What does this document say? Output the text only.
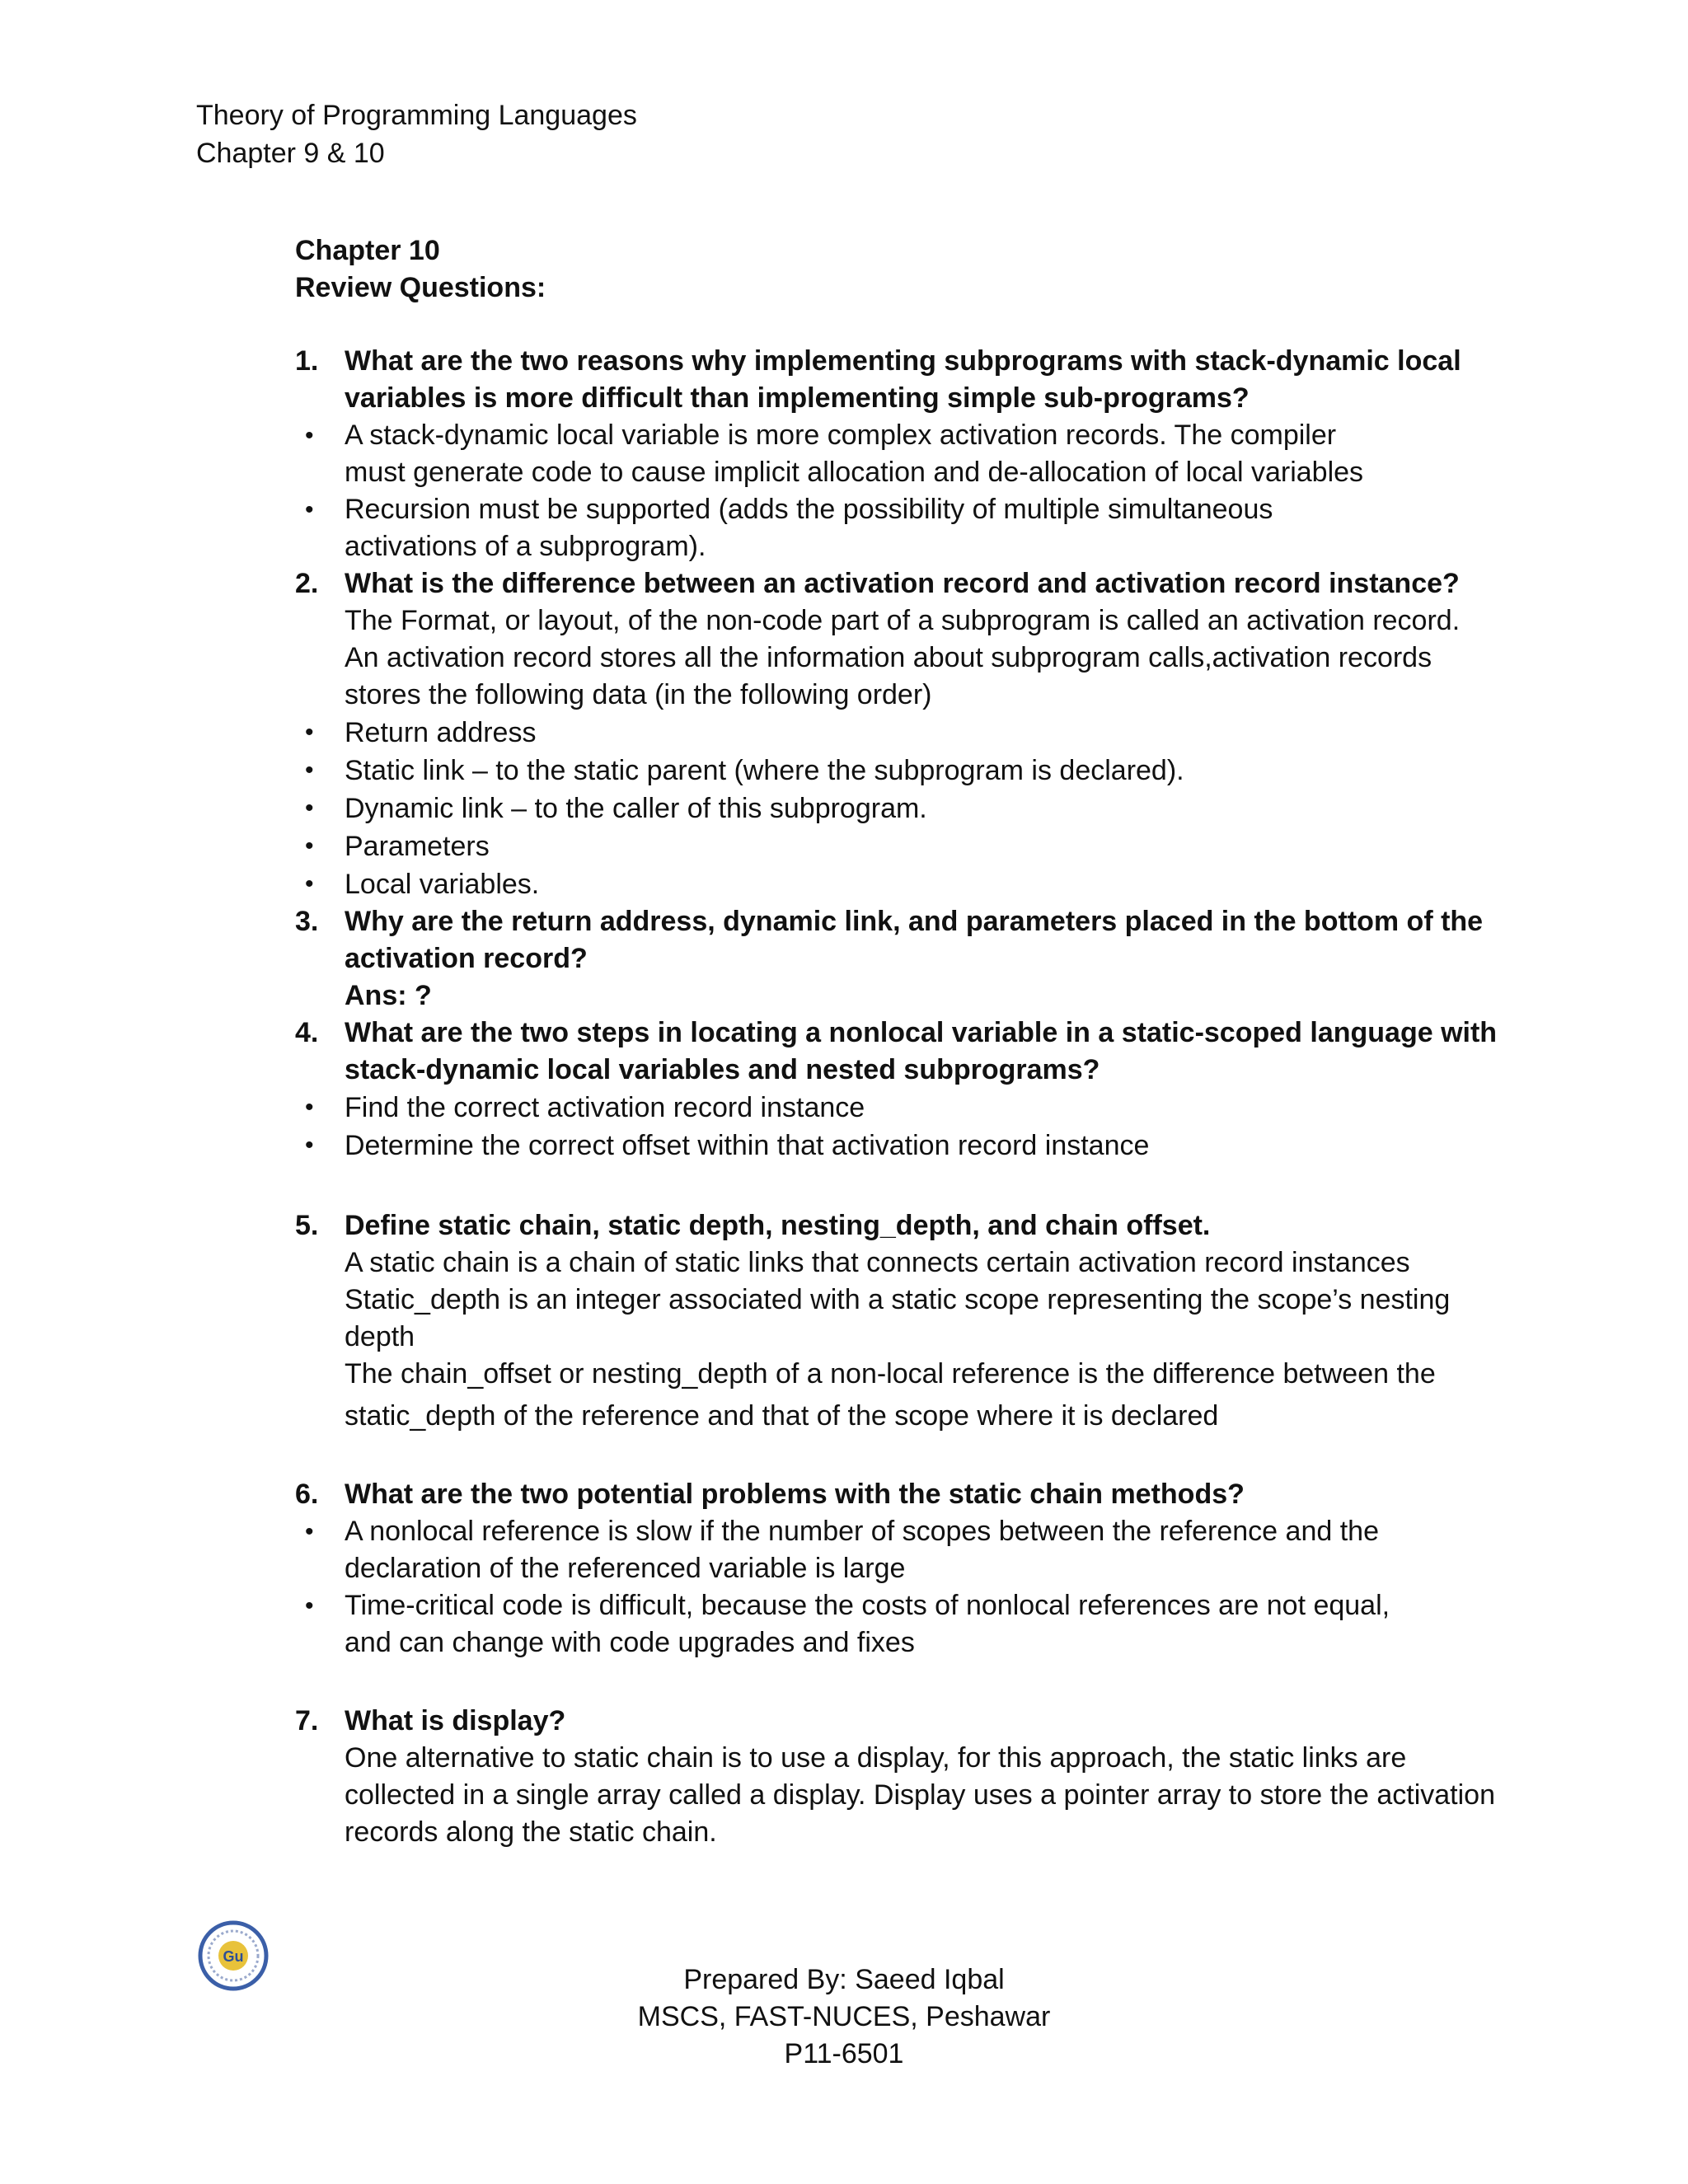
Theory of Programming Languages
Chapter 9 & 10
Chapter 10
Review Questions:
1. What are the two reasons why implementing subprograms with stack-dynamic local
variables is more difficult than implementing simple sub-programs?
• A stack-dynamic local variable is more complex activation records. The compiler
must generate code to cause implicit allocation and de-allocation of local variables
• Recursion must be supported (adds the possibility of multiple simultaneous
activations of a subprogram).
2. What is the difference between an activation record and activation record instance?
The Format, or layout, of the non-code part of a subprogram is called an activation record.
An activation record stores all the information about subprogram calls,activation records
stores the following data (in the following order)
• Return address
• Static link – to the static parent (where the subprogram is declared).
• Dynamic link – to the caller of this subprogram.
• Parameters
• Local variables.
3. Why are the return address, dynamic link, and parameters placed in the bottom of the
activation record?
Ans: ?
4. What are the two steps in locating a nonlocal variable in a static-scoped language with
stack-dynamic local variables and nested subprograms?
• Find the correct activation record instance
• Determine the correct offset within that activation record instance
5. Define static chain, static depth, nesting_depth, and chain offset.
A static chain is a chain of static links that connects certain activation record instances
Static_depth is an integer associated with a static scope representing the scope’s nesting
depth
The chain_offset or nesting_depth of a non-local reference is the difference between the
static_depth of the reference and that of the scope where it is declared
6. What are the two potential problems with the static chain methods?
• A nonlocal reference is slow if the number of scopes between the reference and the
declaration of the referenced variable is large
• Time-critical code is difficult, because the costs of nonlocal references are not equal,
and can change with code upgrades and fixes
7. What is display?
One alternative to static chain is to use a display, for this approach, the static links are
collected in a single array called a display. Display uses a pointer array to store the activation
records along the static chain.
Gu
Prepared By: Saeed Iqbal
MSCS, FAST-NUCES, Peshawar
P11-6501
